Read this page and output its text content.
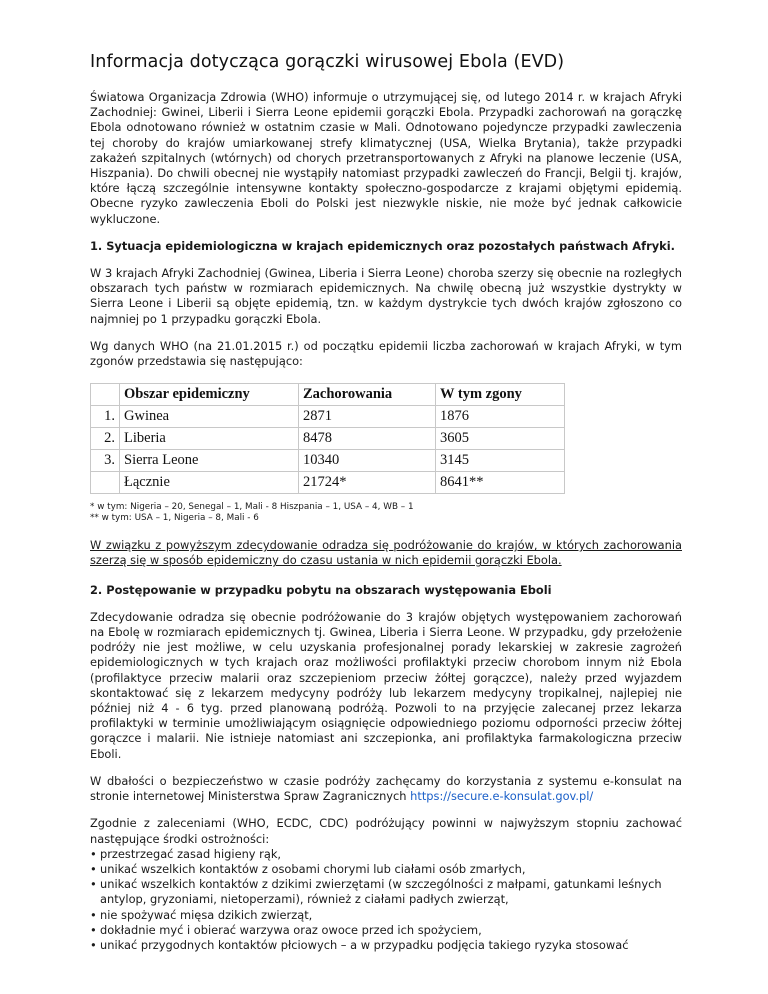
Informacja dotycząca gorączki wirusowej Ebola (EVD)

Światowa Organizacja Zdrowia (WHO) informuje o utrzymującej się, od lutego 2014 r. w krajach Afryki Zachodniej: Gwinei, Liberii i Sierra Leone epidemii gorączki Ebola. Przypadki zachorowań na gorączkę Ebola odnotowano również w ostatnim czasie w Mali. Odnotowano pojedyncze przypadki zawleczenia tej choroby do krajów umiarkowanej strefy klimatycznej (USA, Wielka Brytania), także przypadki zakażeń szpitalnych (wtórnych) od chorych przetransportowanych z Afryki na planowe leczenie (USA, Hiszpania). Do chwili obecnej nie wystąpiły natomiast przypadki zawleczeń do Francji, Belgii tj. krajów, które łączą szczególnie intensywne kontakty społeczno-gospodarcze z krajami objętymi epidemią. Obecne ryzyko zawleczenia Eboli do Polski jest niezwykle niskie, nie może być jednak całkowicie wykluczone.

1. Sytuacja epidemiologiczna w krajach epidemicznych oraz pozostałych państwach Afryki.

W 3 krajach Afryki Zachodniej (Gwinea, Liberia i Sierra Leone) choroba szerzy się obecnie na rozległych obszarach tych państw w rozmiarach epidemicznych. Na chwilę obecną już wszystkie dystrykty w Sierra Leone i Liberii są objęte epidemią, tzn. w każdym dystrykcie tych dwóch krajów zgłoszono co najmniej po 1 przypadku gorączki Ebola.

Wg danych WHO (na 21.01.2015 r.) od początku epidemii liczba zachorowań w krajach Afryki, w tym zgonów przedstawia się następująco:

	Obszar epidemiczny	Zachorowania	W tym zgony
1.	Gwinea	2871	1876
2.	Liberia	8478	3605
3.	Sierra Leone	10340	3145
	Łącznie	21724*	8641**

* w tym: Nigeria – 20, Senegal – 1, Mali - 8 Hiszpania – 1, USA – 4, WB – 1

** w tym: USA – 1, Nigeria – 8, Mali - 6

W związku z powyższym zdecydowanie odradza się podróżowanie do krajów, w których zachorowania szerzą się w sposób epidemiczny do czasu ustania w nich epidemii gorączki Ebola.

2. Postępowanie w przypadku pobytu na obszarach występowania Eboli

Zdecydowanie odradza się obecnie podróżowanie do 3 krajów objętych występowaniem zachorowań na Ebolę w rozmiarach epidemicznych tj. Gwinea, Liberia i Sierra Leone. W przypadku, gdy przełożenie podróży nie jest możliwe, w celu uzyskania profesjonalnej porady lekarskiej w zakresie zagrożeń epidemiologicznych w tych krajach oraz możliwości profilaktyki przeciw chorobom innym niż Ebola (profilaktyce przeciw malarii oraz szczepieniom przeciw żółtej gorączce), należy przed wyjazdem skontaktować się z lekarzem medycyny podróży lub lekarzem medycyny tropikalnej, najlepiej nie później niż 4 - 6 tyg. przed planowaną podróżą. Pozwoli to na przyjęcie zalecanej przez lekarza profilaktyki w terminie umożliwiającym osiągnięcie odpowiedniego poziomu odporności przeciw żółtej gorączce i malarii. Nie istnieje natomiast ani szczepionka, ani profilaktyka farmakologiczna przeciw Eboli.

W dbałości o bezpieczeństwo w czasie podróży zachęcamy do korzystania z systemu e-konsulat na stronie internetowej Ministerstwa Spraw Zagranicznych https://secure.e-konsulat.gov.pl/

Zgodnie z zaleceniami (WHO, ECDC, CDC) podróżujący powinni w najwyższym stopniu zachować następujące środki ostrożności:

• przestrzegać zasad higieny rąk,
• unikać wszelkich kontaktów z osobami chorymi lub ciałami osób zmarłych,
• unikać wszelkich kontaktów z dzikimi zwierzętami (w szczególności z małpami, gatunkami leśnych antylop, gryzoniami, nietoperzami), również z ciałami padłych zwierząt,
• nie spożywać mięsa dzikich zwierząt,
• dokładnie myć i obierać warzywa oraz owoce przed ich spożyciem,
• unikać przygodnych kontaktów płciowych – a w przypadku podjęcia takiego ryzyka stosować
